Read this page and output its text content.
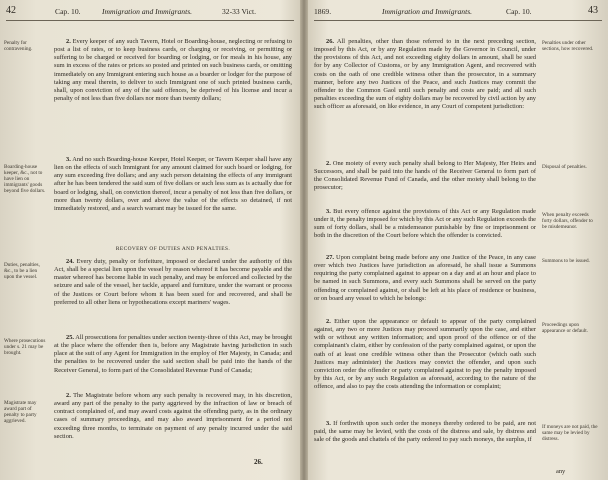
42	Cap. 10.	Immigration and Immigrants.	32-33 Vict.
Penalty for contravening.
Boarding-house keeper, &c., not to have lien on immigrants' goods beyond five dollars.
Duties, penalties, &c., to be a lien upon the vessel.
Where prosecutions under s. 21 may be brought.
Magistrate may award part of penalty to party aggrieved.
2. Every keeper of any such Tavern, Hotel or Boarding-house, neglecting or refusing to post a list of rates, or to keep business cards, or charging or receiving, or permitting or suffering to be charged or received for boarding or lodging, or for meals in his house, any sum in excess of the rates or prices so posted and printed on such business cards, or omitting immediately on any Immigrant entering such house as a boarder or lodger for the purpose of taking any meal therein, to deliver to such Immigrant one of such printed business cards, shall, upon conviction of any of the said offences, be deprived of his license and incur a penalty of not less than five dollars nor more than twenty dollars;
3. And no such Boarding-house Keeper, Hotel Keeper, or Tavern Keeper shall have any lien on the effects of such Immigrant for any amount claimed for such board or lodging, for any sum exceeding five dollars; and any such person detaining the effects of any immigrant after he has been tendered the said sum of five dollars or such less sum as is actually due for board or lodging, shall, on conviction thereof, incur a penalty of not less than five dollars, or more than twenty dollars, over and above the value of the effects so detained, if not immediately restored, and a search warrant may be issued for the same.
RECOVERY OF DUTIES AND PENALTIES.
24. Every duty, penalty or forfeiture, imposed or declared under the authority of this Act, shall be a special lien upon the vessel by reason whereof it has become payable and the master whereof has become liable in such penalty, and may be enforced and collected by the seizure and sale of the vessel, her tackle, apparel and furniture, under the warrant or process of the Justices or Court before whom it has been sued for and recovered, and shall be preferred to all other liens or hypothecations except mariners' wages.
25. All prosecutions for penalties under section twenty-three of this Act, may be brought at the place where the offender then is, before any Magistrate having jurisdiction in such place at the suit of any Agent for Immigration in the employ of Her Majesty, in Canada; and the penalties to be recovered under the said section shall be paid into the hands of the Receiver General, to form part of the Consolidated Revenue Fund of Canada;
2. The Magistrate before whom any such penalty is recovered may, in his discretion, award any part of the penalty to the party aggrieved by the infraction of law or breach of contract complained of, and may award costs against the offending party, as in the ordinary cases of summary proceedings, and may also award imprisonment for a period not exceeding three months, to terminate on payment of any penalty incurred under the said section.
26.
1869.	Immigration and Immigrants.	Cap. 10.	43
26. All penalties, other than those referred to in the next preceding section, imposed by this Act, or by any Regulation made by the Governor in Council, under the provisions of this Act, and not exceeding eighty dollars in amount, shall be sued for by any Collector of Customs, or by any Immigration Agent, and recovered with costs on the oath of one credible witness other than the prosecutor, in a summary manner, before any two Justices of the Peace, and such Justices may commit the offender to the Common Gaol until such penalty and costs are paid; and all such penalties exceeding the sum of eighty dollars may be recovered by civil action by any such officer as aforesaid, on like evidence, in any Court of competent jurisdiction:
2. One moiety of every such penalty shall belong to Her Majesty, Her Heirs and Successors, and shall be paid into the hands of the Receiver General to form part of the Consolidated Revenue Fund of Canada, and the other moiety shall belong to the prosecutor;
3. But every offence against the provisions of this Act or any Regulation made under it, the penalty imposed for which by this Act or any such Regulation exceeds the sum of forty dollars, shall be a misdemeanor punishable by fine or imprisonment or both in the discretion of the Court before which the offender is convicted.
27. Upon complaint being made before any one Justice of the Peace, in any case over which two Justices have jurisdiction as aforesaid, he shall issue a Summons requiring the party complained against to appear on a day and at an hour and place to be named in such Summons, and every such Summons shall be served on the party offending or complained against, or shall be left at his place of residence or business, or on board any vessel to which he belongs:
2. Either upon the appearance or default to appear of the party complained against, any two or more Justices may proceed summarily upon the case, and either with or without any written information; and upon proof of the offence or of the complainant's claim, either by confession of the party complained against, or upon the oath of at least one credible witness other than the Prosecutor (which oath such Justices may administer) the Justices may convict the offender, and upon such conviction order the offender or party complained against to pay the penalty imposed by this Act, or by any such Regulation as aforesaid, according to the nature of the offence, and also to pay the costs attending the information or complaint;
3. If forthwith upon such order the moneys thereby ordered to be paid, are not paid, the same may be levied, with the costs of the distress and sale, by distress and sale of the goods and chattels of the party ordered to pay such moneys, the surplus, if
Penalties under other sections, how recovered.
Disposal of penalties.
When penalty exceeds forty dollars, offender to be misdemeanor.
Summons to be issued.
Proceedings upon appearance or default.
If moneys are not paid, the same may be levied by distress.
any
